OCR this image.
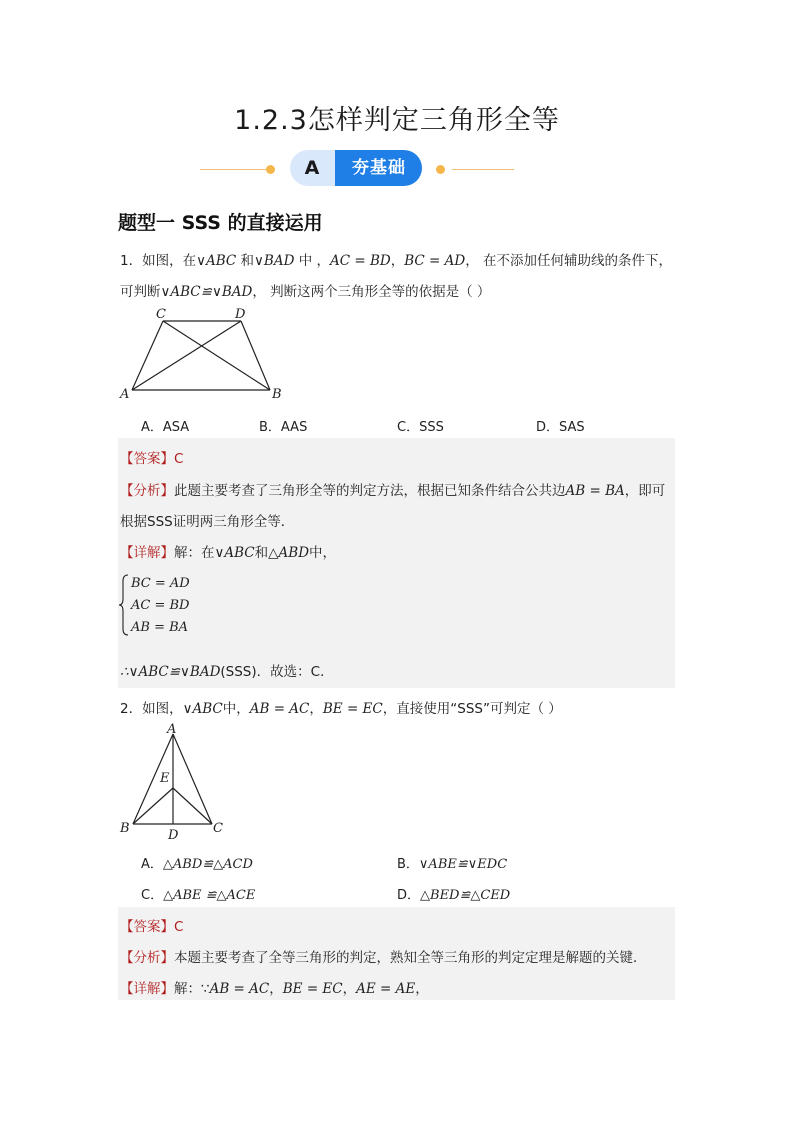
1.2.3怎样判定三角形全等
A	夯基础
题型一 SSS 的直接运用
1．如图，在∨ABC 和∨BAD 中 ，AC = BD，BC = AD， 在不添加任何辅助线的条件下，
可判断∨ABC≌∨BAD， 判断这两个三角形全等的依据是（ ）
C	D
A	B
A．ASA	B．AAS	C．SSS	D．SAS
【答案】C
【分析】此题主要考查了三角形全等的判定方法，根据已知条件结合公共边AB = BA，即可
根据SSS证明两三角形全等．
【详解】解：在∨ABC和△ABD中，
BC = AD
AC = BD
AB = BA
∴∨ABC≌∨BAD(SSS)．故选：C．
2．如图，∨ABC中，AB = AC，BE = EC，直接使用“SSS”可判定（ ）
A
E
B	D	C
A．△ABD≌△ACD	B．∨ABE≌∨EDC
C．△ABE ≌△ACE	D．△BED≌△CED
【答案】C
【分析】本题主要考查了全等三角形的判定，熟知全等三角形的判定定理是解题的关键．
【详解】解：∵AB = AC，BE = EC，AE = AE，
